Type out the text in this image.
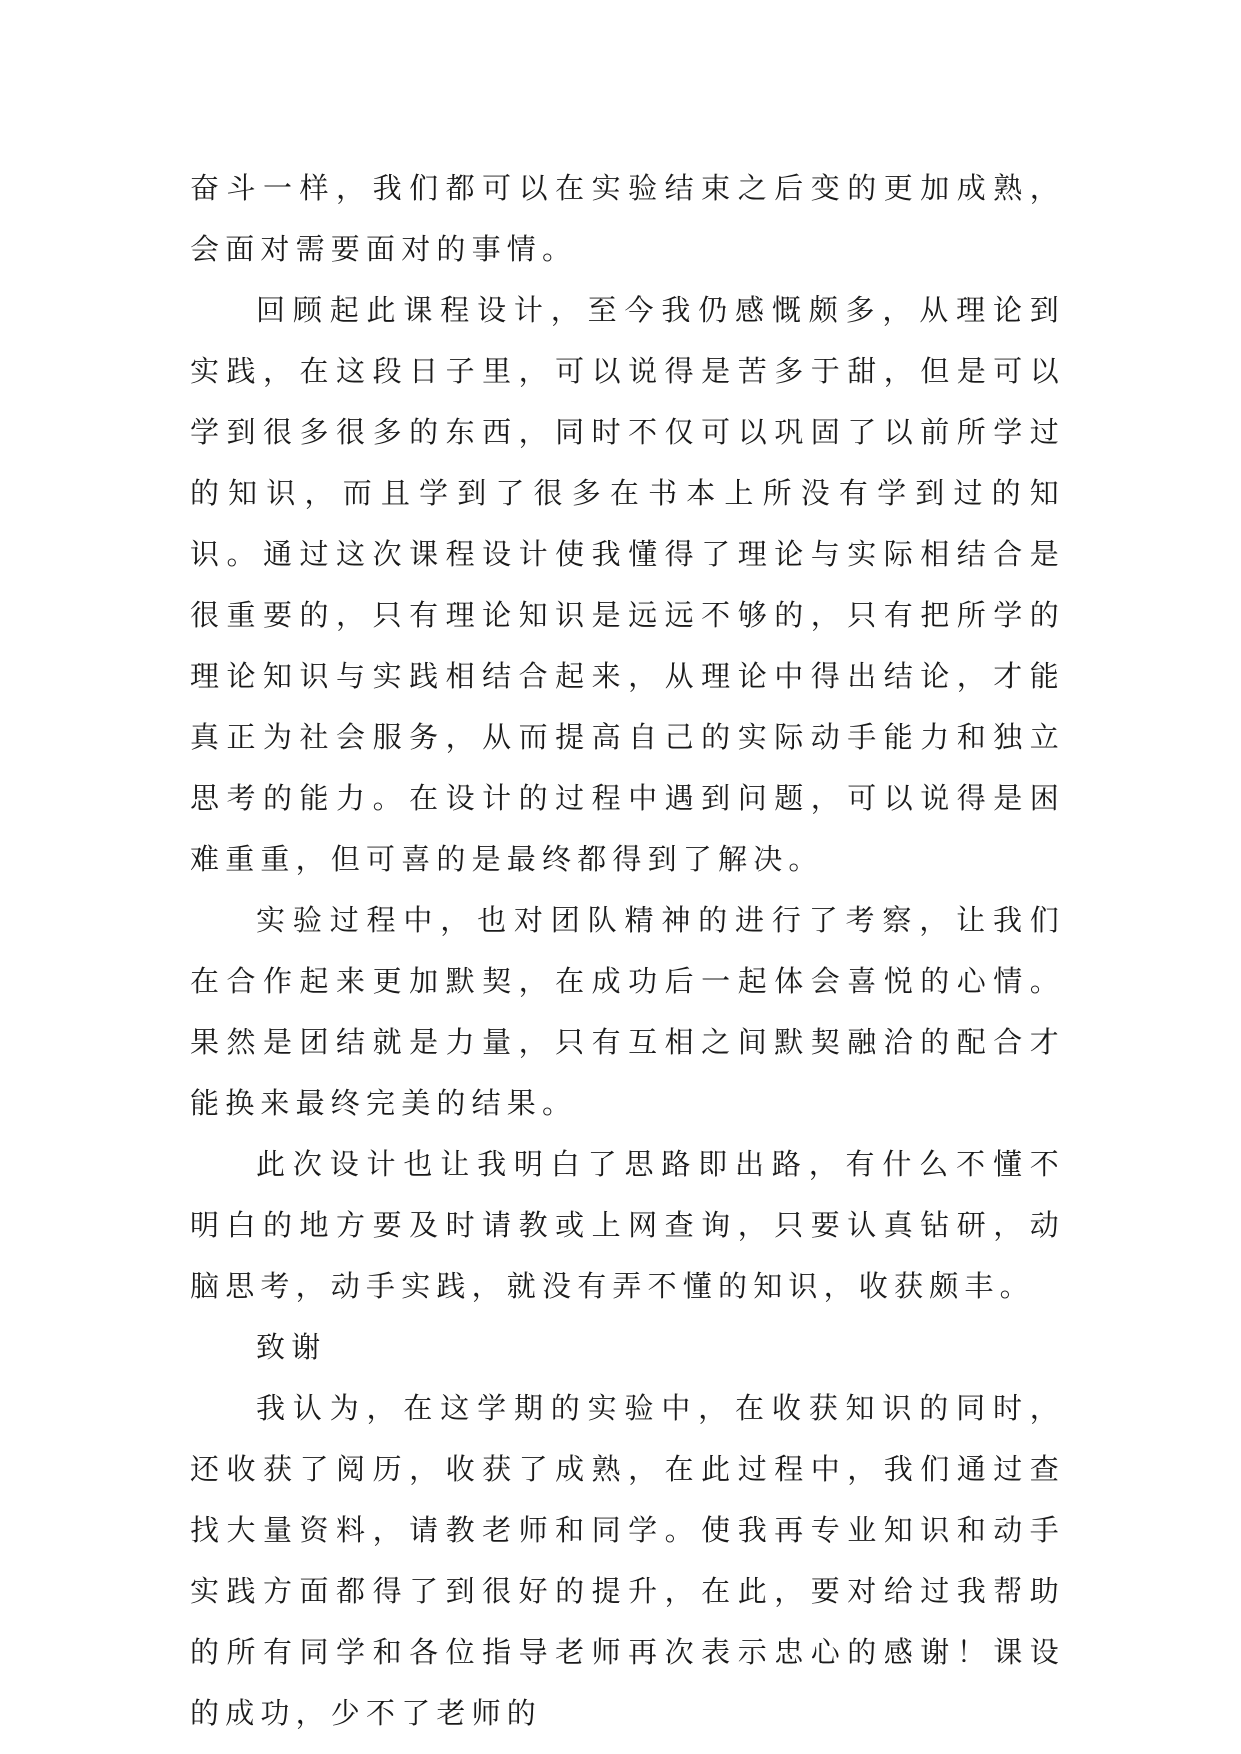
奋斗一样，我们都可以在实验结束之后变的更加成熟，会面对需要面对的事情。

回顾起此课程设计，至今我仍感慨颇多，从理论到实践，在这段日子里，可以说得是苦多于甜，但是可以学到很多很多的东西，同时不仅可以巩固了以前所学过的知识，而且学到了很多在书本上所没有学到过的知识。通过这次课程设计使我懂得了理论与实际相结合是很重要的，只有理论知识是远远不够的，只有把所学的理论知识与实践相结合起来，从理论中得出结论，才能真正为社会服务，从而提高自己的实际动手能力和独立思考的能力。在设计的过程中遇到问题，可以说得是困难重重，但可喜的是最终都得到了解决。

实验过程中，也对团队精神的进行了考察，让我们在合作起来更加默契，在成功后一起体会喜悦的心情。果然是团结就是力量，只有互相之间默契融洽的配合才能换来最终完美的结果。

此次设计也让我明白了思路即出路，有什么不懂不明白的地方要及时请教或上网查询，只要认真钻研，动脑思考，动手实践，就没有弄不懂的知识，收获颇丰。

致谢

我认为，在这学期的实验中，在收获知识的同时，还收获了阅历，收获了成熟，在此过程中，我们通过查找大量资料，请教老师和同学。使我再专业知识和动手实践方面都得了到很好的提升，在此，要对给过我帮助的所有同学和各位指导老师再次表示忠心的感谢！课设的成功，少不了老师的
